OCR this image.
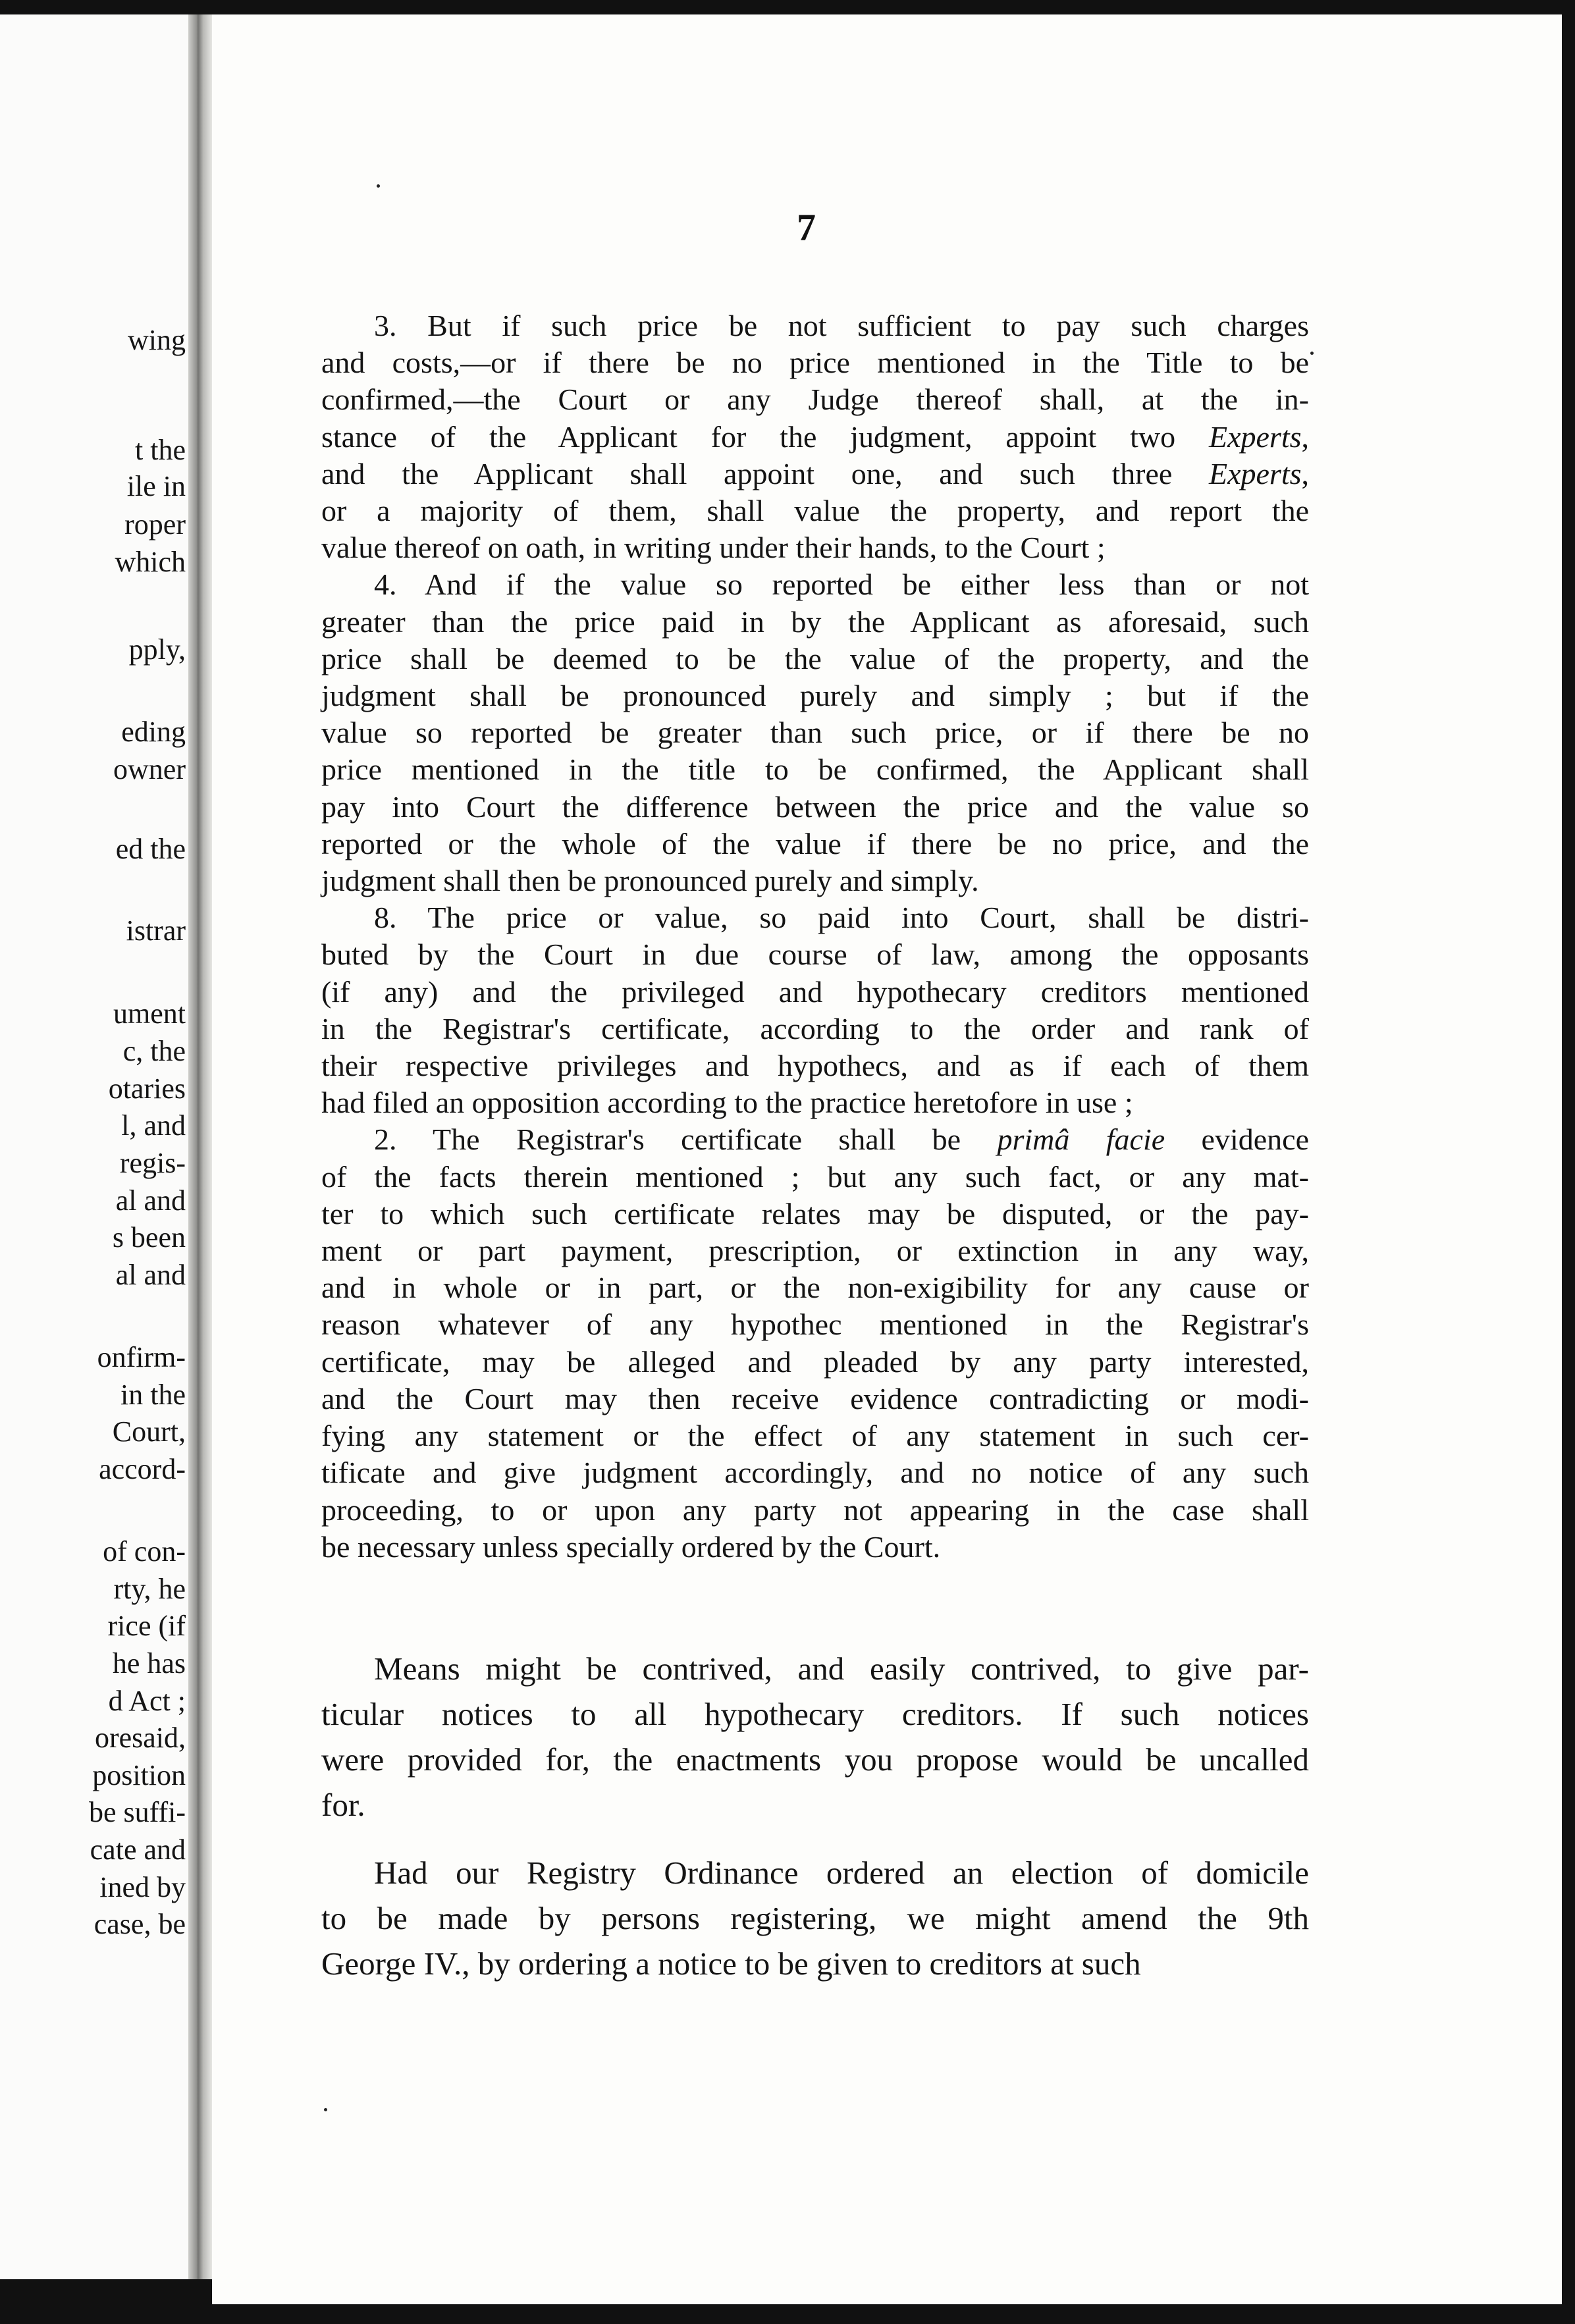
wing
t the
ile in
roper
which
pply,
eding
owner
ed the
istrar
ument
c, the
otaries
l, and
regis-
al and
s been
al and
onfirm-
in the
Court,
accord-
of con-
rty, he
rice (if
he has
d Act ;
oresaid,
position
be suffi-
cate and
ined by
case, be
7
3. But if such price be not sufficient to pay such charges
and costs,—or if there be no price mentioned in the Title to be
confirmed,—the Court or any Judge thereof shall, at the in-
stance of the Applicant for the judgment, appoint two Experts,
and the Applicant shall appoint one, and such three Experts,
or a majority of them, shall value the property, and report the
value thereof on oath, in writing under their hands, to the Court ;
4. And if the value so reported be either less than or not
greater than the price paid in by the Applicant as aforesaid, such
price shall be deemed to be the value of the property, and the
judgment shall be pronounced purely and simply ; but if the
value so reported be greater than such price, or if there be no
price mentioned in the title to be confirmed, the Applicant shall
pay into Court the difference between the price and the value so
reported or the whole of the value if there be no price, and the
judgment shall then be pronounced purely and simply.
8. The price or value, so paid into Court, shall be distri-
buted by the Court in due course of law, among the opposants
(if any) and the privileged and hypothecary creditors mentioned
in the Registrar's certificate, according to the order and rank of
their respective privileges and hypothecs, and as if each of them
had filed an opposition according to the practice heretofore in use ;
2. The Registrar's certificate shall be primâ facie evidence
of the facts therein mentioned ; but any such fact, or any mat-
ter to which such certificate relates may be disputed, or the pay-
ment or part payment, prescription, or extinction in any way,
and in whole or in part, or the non-exigibility for any cause or
reason whatever of any hypothec mentioned in the Registrar's
certificate, may be alleged and pleaded by any party interested,
and the Court may then receive evidence contradicting or modi-
fying any statement or the effect of any statement in such cer-
tificate and give judgment accordingly, and no notice of any such
proceeding, to or upon any party not appearing in the case shall
be necessary unless specially ordered by the Court.
Means might be contrived, and easily contrived, to give par-
ticular notices to all hypothecary creditors. If such notices
were provided for, the enactments you propose would be uncalled
for.
Had our Registry Ordinance ordered an election of domicile
to be made by persons registering, we might amend the 9th
George IV., by ordering a notice to be given to creditors at such
